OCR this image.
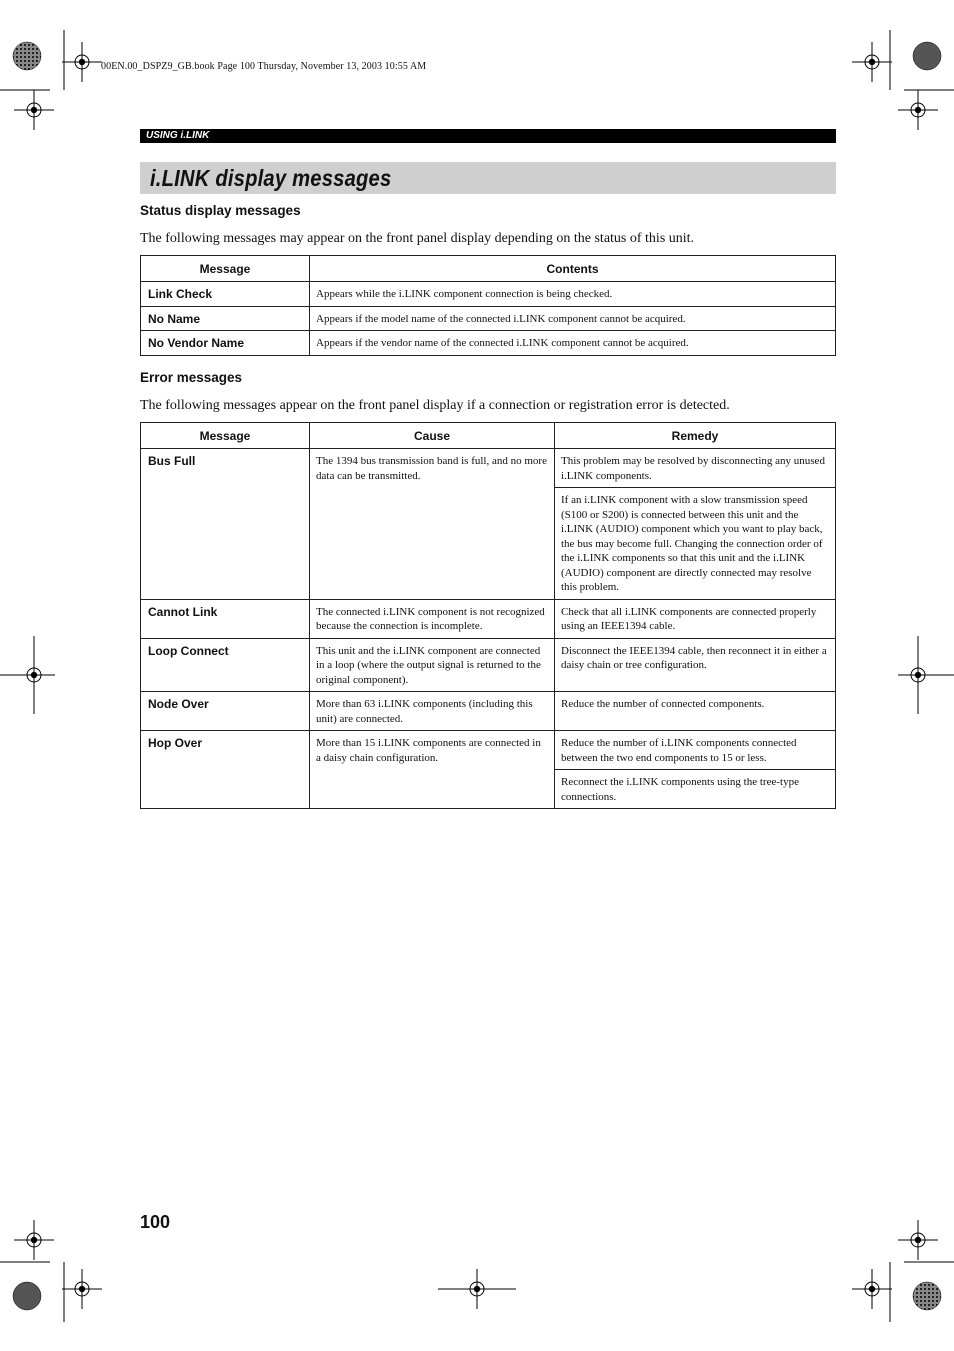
00EN.00_DSPZ9_GB.book Page 100 Thursday, November 13, 2003 10:55 AM
USING i.LINK
i.LINK display messages
Status display messages
The following messages may appear on the front panel display depending on the status of this unit.
Message	Contents
Link Check	Appears while the i.LINK component connection is being checked.
No Name	Appears if the model name of the connected i.LINK component cannot be acquired.
No Vendor Name	Appears if the vendor name of the connected i.LINK component cannot be acquired.
Error messages
The following messages appear on the front panel display if a connection or registration error is detected.
Message	Cause	Remedy
Bus Full	The 1394 bus transmission band is full, and no more data can be transmitted.	This problem may be resolved by disconnecting any unused i.LINK components.
		If an i.LINK component with a slow transmission speed (S100 or S200) is connected between this unit and the i.LINK (AUDIO) component which you want to play back, the bus may become full. Changing the connection order of the i.LINK components so that this unit and the i.LINK (AUDIO) component are directly connected may resolve this problem.
Cannot Link	The connected i.LINK component is not recognized because the connection is incomplete.	Check that all i.LINK components are connected properly using an IEEE1394 cable.
Loop Connect	This unit and the i.LINK component are connected in a loop (where the output signal is returned to the original component).	Disconnect the IEEE1394 cable, then reconnect it in either a daisy chain or tree configuration.
Node Over	More than 63 i.LINK components (including this unit) are connected.	Reduce the number of connected components.
Hop Over	More than 15 i.LINK components are connected in a daisy chain configuration.	Reduce the number of i.LINK components connected between the two end components to 15 or less.
		Reconnect the i.LINK components using the tree-type connections.
100
